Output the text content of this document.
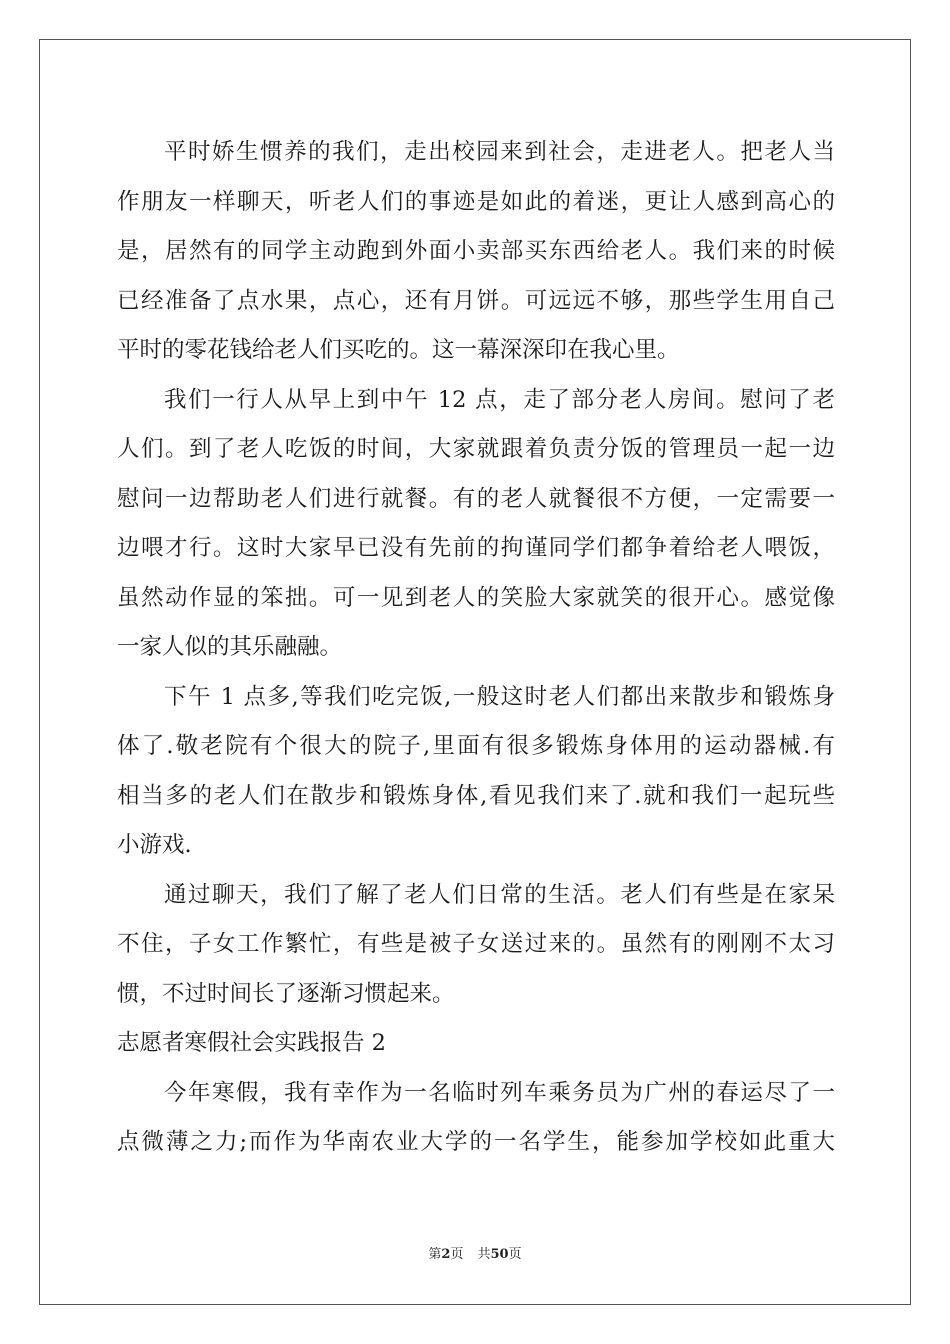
平时娇生惯养的我们，走出校园来到社会，走进老人。把老人当
作朋友一样聊天，听老人们的事迹是如此的着迷，更让人感到高心的
是，居然有的同学主动跑到外面小卖部买东西给老人。我们来的时候
已经准备了点水果，点心，还有月饼。可远远不够，那些学生用自己
平时的零花钱给老人们买吃的。这一幕深深印在我心里。
我们一行人从早上到中午 12 点，走了部分老人房间。慰问了老
人们。到了老人吃饭的时间，大家就跟着负责分饭的管理员一起一边
慰问一边帮助老人们进行就餐。有的老人就餐很不方便，一定需要一
边喂才行。这时大家早已没有先前的拘谨同学们都争着给老人喂饭，
虽然动作显的笨拙。可一见到老人的笑脸大家就笑的很开心。感觉像
一家人似的其乐融融。
下午 1 点多,等我们吃完饭,一般这时老人们都出来散步和锻炼身
体了.敬老院有个很大的院子,里面有很多锻炼身体用的运动器械.有
相当多的老人们在散步和锻炼身体,看见我们来了.就和我们一起玩些
小游戏.
通过聊天，我们了解了老人们日常的生活。老人们有些是在家呆
不住，子女工作繁忙，有些是被子女送过来的。虽然有的刚刚不太习
惯，不过时间长了逐渐习惯起来。
志愿者寒假社会实践报告 2
今年寒假，我有幸作为一名临时列车乘务员为广州的春运尽了一
点微薄之力;而作为华南农业大学的一名学生，能参加学校如此重大
第2页 共50页
